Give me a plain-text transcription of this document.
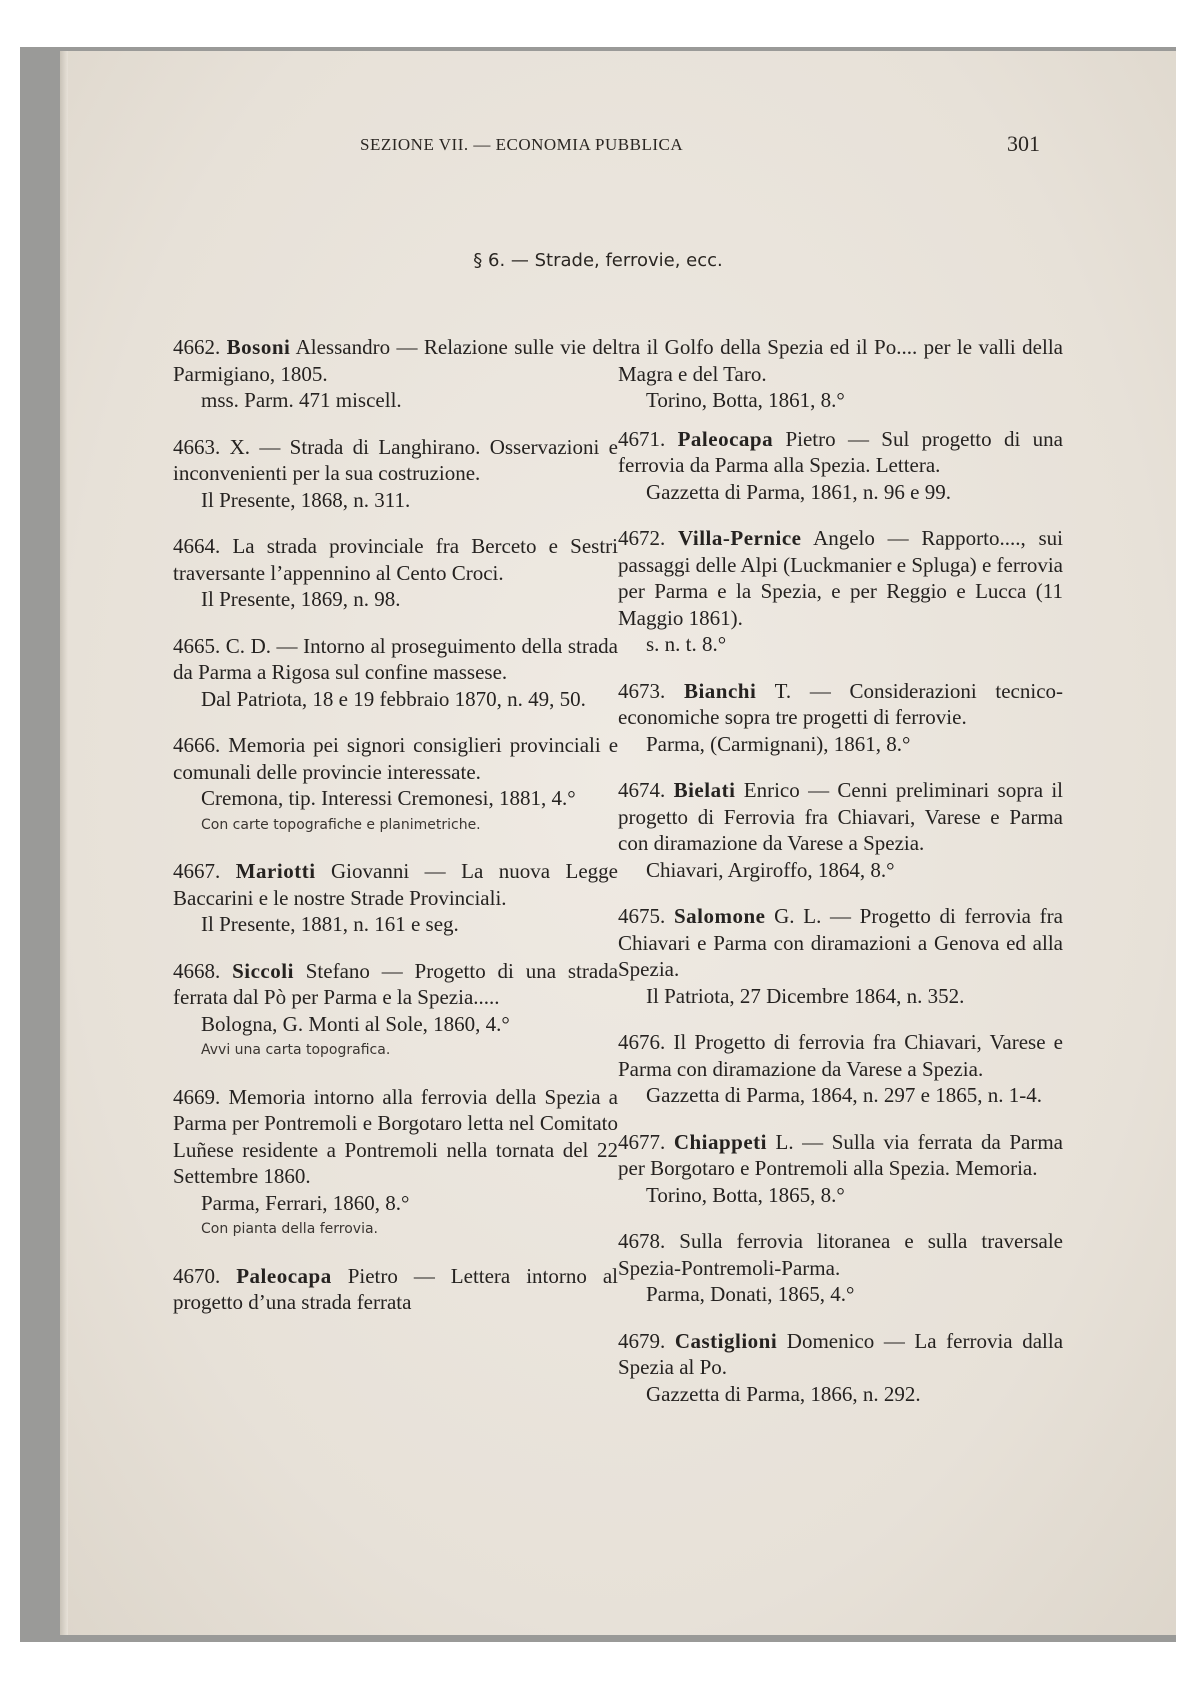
SEZIONE VII. — ECONOMIA PUBBLICA	301
§ 6. — Strade, ferrovie, ecc.
4662. Bosoni Alessandro — Relazione sulle vie del Parmigiano, 1805.
mss. Parm. 471 miscell.
4663. X. — Strada di Langhirano. Osservazioni e inconvenienti per la sua costruzione.
Il Presente, 1868, n. 311.
4664. La strada provinciale fra Berceto e Sestri traversante l’appennino al Cento Croci.
Il Presente, 1869, n. 98.
4665. C. D. — Intorno al proseguimento della strada da Parma a Rigosa sul confine massese.
Dal Patriota, 18 e 19 febbraio 1870, n. 49, 50.
4666. Memoria pei signori consiglieri provinciali e comunali delle provincie interessate.
Cremona, tip. Interessi Cremonesi, 1881, 4.°
Con carte topografiche e planimetriche.
4667. Mariotti Giovanni — La nuova Legge Baccarini e le nostre Strade Provinciali.
Il Presente, 1881, n. 161 e seg.
4668. Siccoli Stefano — Progetto di una strada ferrata dal Pò per Parma e la Spezia.....
Bologna, G. Monti al Sole, 1860, 4.°
Avvi una carta topografica.
4669. Memoria intorno alla ferrovia della Spezia a Parma per Pontremoli e Borgotaro letta nel Comitato Luñese residente a Pontremoli nella tornata del 22 Settembre 1860.
Parma, Ferrari, 1860, 8.°
Con pianta della ferrovia.
4670. Paleocapa Pietro — Lettera intorno al progetto d’una strada ferrata
tra il Golfo della Spezia ed il Po.... per le valli della Magra e del Taro.
Torino, Botta, 1861, 8.°
4671. Paleocapa Pietro — Sul progetto di una ferrovia da Parma alla Spezia. Lettera.
Gazzetta di Parma, 1861, n. 96 e 99.
4672. Villa-Pernice Angelo — Rapporto...., sui passaggi delle Alpi (Luckmanier e Spluga) e ferrovia per Parma e la Spezia, e per Reggio e Lucca (11 Maggio 1861).
s. n. t. 8.°
4673. Bianchi T. — Considerazioni tecnico-economiche sopra tre progetti di ferrovie.
Parma, (Carmignani), 1861, 8.°
4674. Bielati Enrico — Cenni preliminari sopra il progetto di Ferrovia fra Chiavari, Varese e Parma con diramazione da Varese a Spezia.
Chiavari, Argiroffo, 1864, 8.°
4675. Salomone G. L. — Progetto di ferrovia fra Chiavari e Parma con diramazioni a Genova ed alla Spezia.
Il Patriota, 27 Dicembre 1864, n. 352.
4676. Il Progetto di ferrovia fra Chiavari, Varese e Parma con diramazione da Varese a Spezia.
Gazzetta di Parma, 1864, n. 297 e 1865, n. 1-4.
4677. Chiappeti L. — Sulla via ferrata da Parma per Borgotaro e Pontremoli alla Spezia. Memoria.
Torino, Botta, 1865, 8.°
4678. Sulla ferrovia litoranea e sulla traversale Spezia-Pontremoli-Parma.
Parma, Donati, 1865, 4.°
4679. Castiglioni Domenico — La ferrovia dalla Spezia al Po.
Gazzetta di Parma, 1866, n. 292.
